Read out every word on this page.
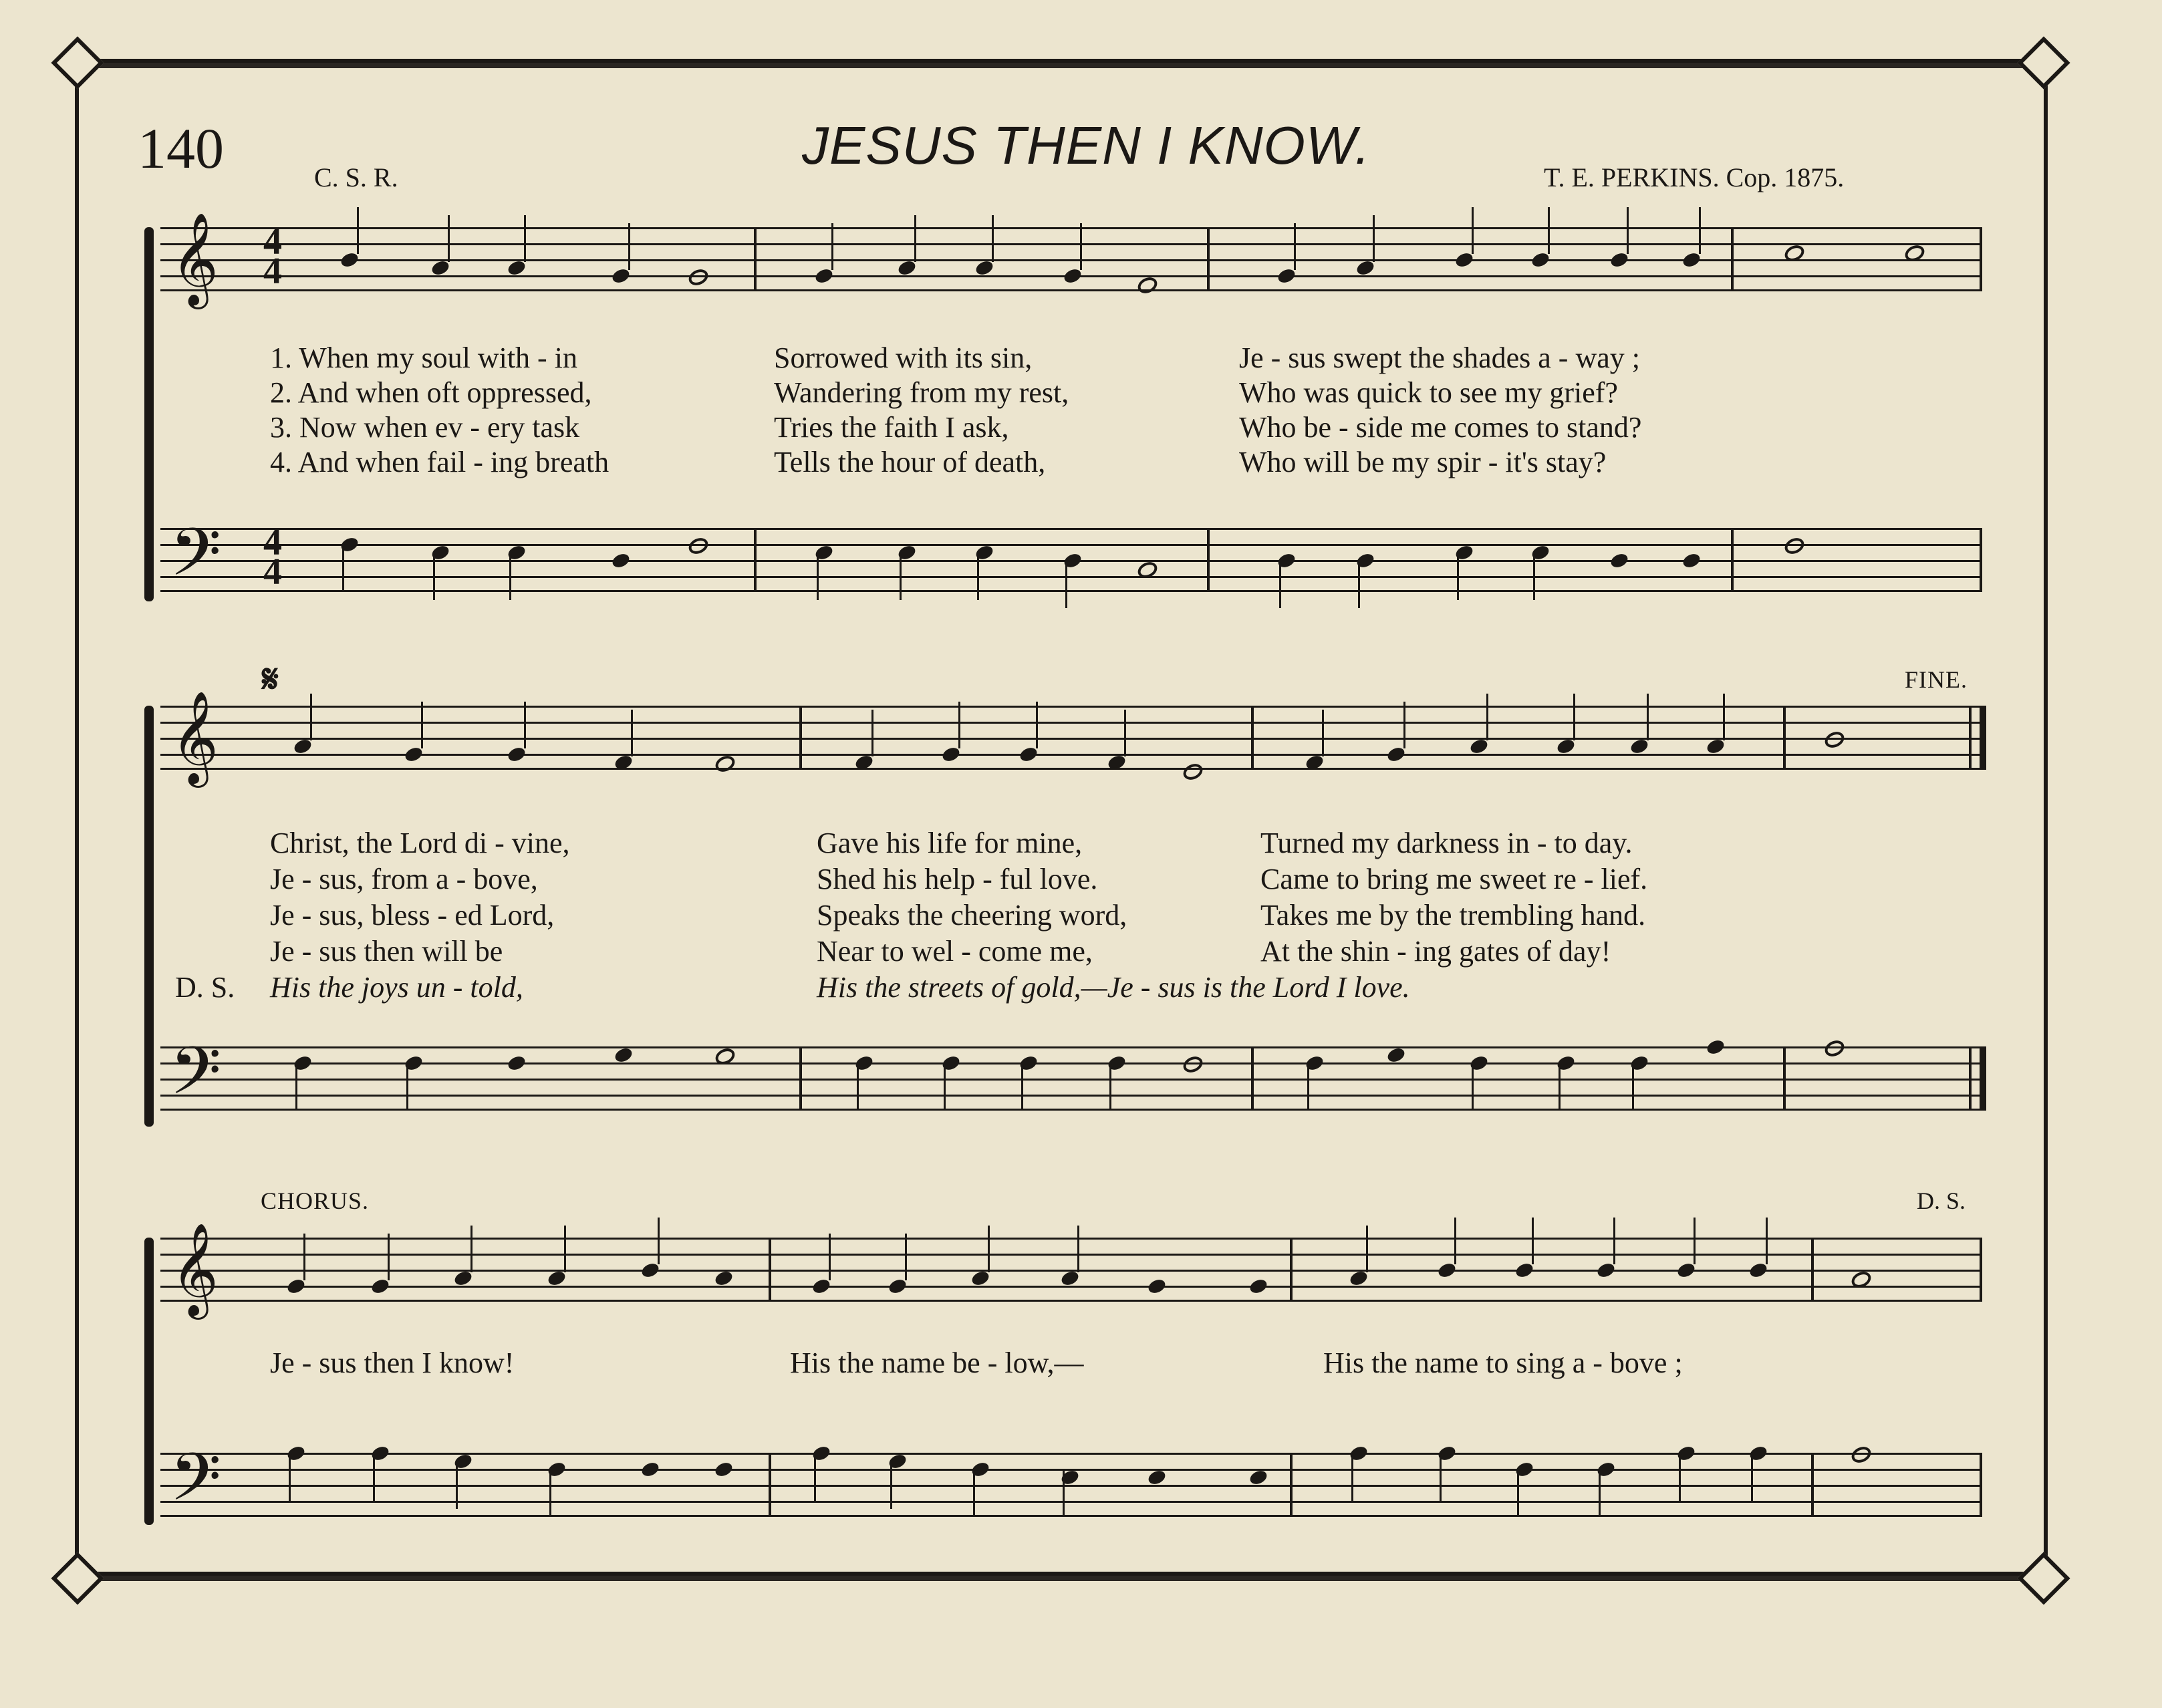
140	JESUS THEN I KNOW.
C. S. R.	T. E. PERKINS. Cop. 1875.
𝄞 4
4
1. When my soul with - in	Sorrowed with its sin,	Je - sus swept the shades a - way ;
2. And when oft oppressed,	Wandering from my rest,	Who was quick to see my grief?
3. Now when ev - ery task	Tries the faith I ask,	Who be - side me comes to stand?
4. And when fail - ing breath	Tells the hour of death,	Who will be my spir - it's stay?
𝄢 4
4
𝄋	FINE.
𝄞
Christ, the Lord di - vine,	Gave his life for mine,	Turned my darkness in - to day.
Je - sus, from a - bove,	Shed his help - ful love.	Came to bring me sweet re - lief.
Je - sus, bless - ed Lord,	Speaks the cheering word,	Takes me by the trembling hand.
Je - sus then will be	Near to wel - come me,	At the shin - ing gates of day!
D. S. His the joys un - told,	His the streets of gold,—Je - sus is the Lord I love.
𝄢
CHORUS.	D. S.
𝄞
Je - sus then I know!	His the name be - low,—	His the name to sing a - bove ;
𝄢
